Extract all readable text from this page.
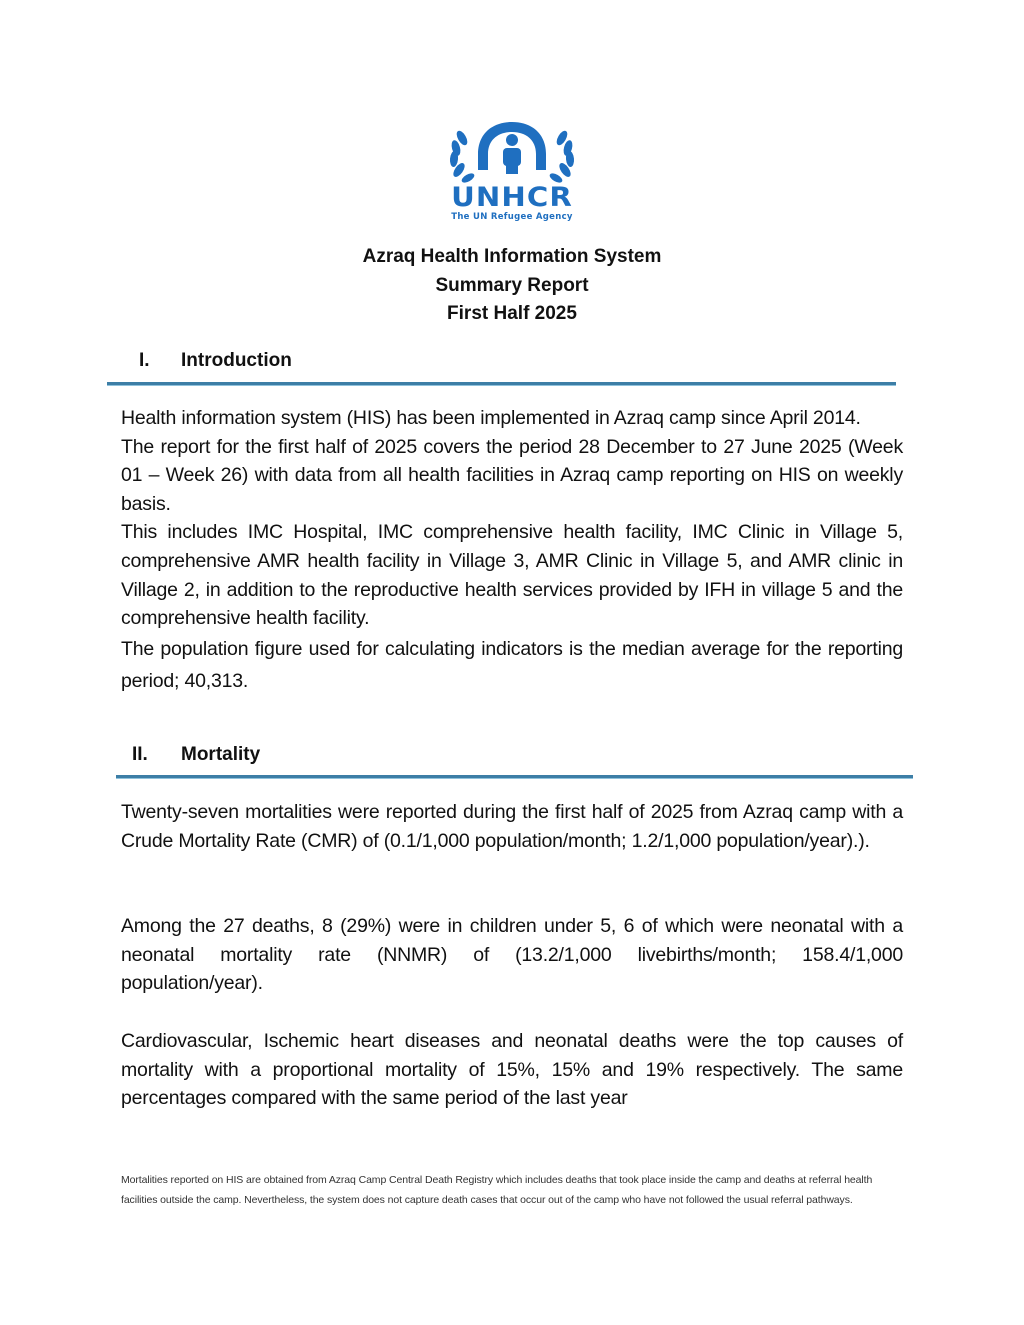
UNHCR
The UN Refugee Agency
Azraq Health Information System
Summary Report
First Half 2025
I. Introduction

Health information system (HIS) has been implemented in Azraq camp since April 2014.

The report for the first half of 2025 covers the period 28 December to 27 June 2025 (Week 01 – Week 26) with data from all health facilities in Azraq camp reporting on HIS on weekly basis.

This includes IMC Hospital, IMC comprehensive health facility, IMC Clinic in Village 5, comprehensive AMR health facility in Village 3, AMR Clinic in Village 5, and AMR clinic in Village 2, in addition to the reproductive health services provided by IFH in village 5 and the comprehensive health facility.

The population figure used for calculating indicators is the median average for the reporting period; 40,313.

II. Mortality
Twenty-seven mortalities were reported during the first half of 2025 from Azraq camp with a Crude Mortality Rate (CMR) of (0.1/1,000 population/month; 1.2/1,000 population/year).).
Among the 27 deaths, 8 (29%) were in children under 5, 6 of which were neonatal with a neonatal mortality rate (NNMR) of (13.2/1,000 livebirths/month; 158.4/1,000 population/year).
Cardiovascular, Ischemic heart diseases and neonatal deaths were the top causes of mortality with a proportional mortality of 15%, 15% and 19% respectively. The same percentages compared with the same period of the last year
Mortalities reported on HIS are obtained from Azraq Camp Central Death Registry which includes deaths that took place inside the camp and deaths at referral health facilities outside the camp. Nevertheless, the system does not capture death cases that occur out of the camp who have not followed the usual referral pathways.
